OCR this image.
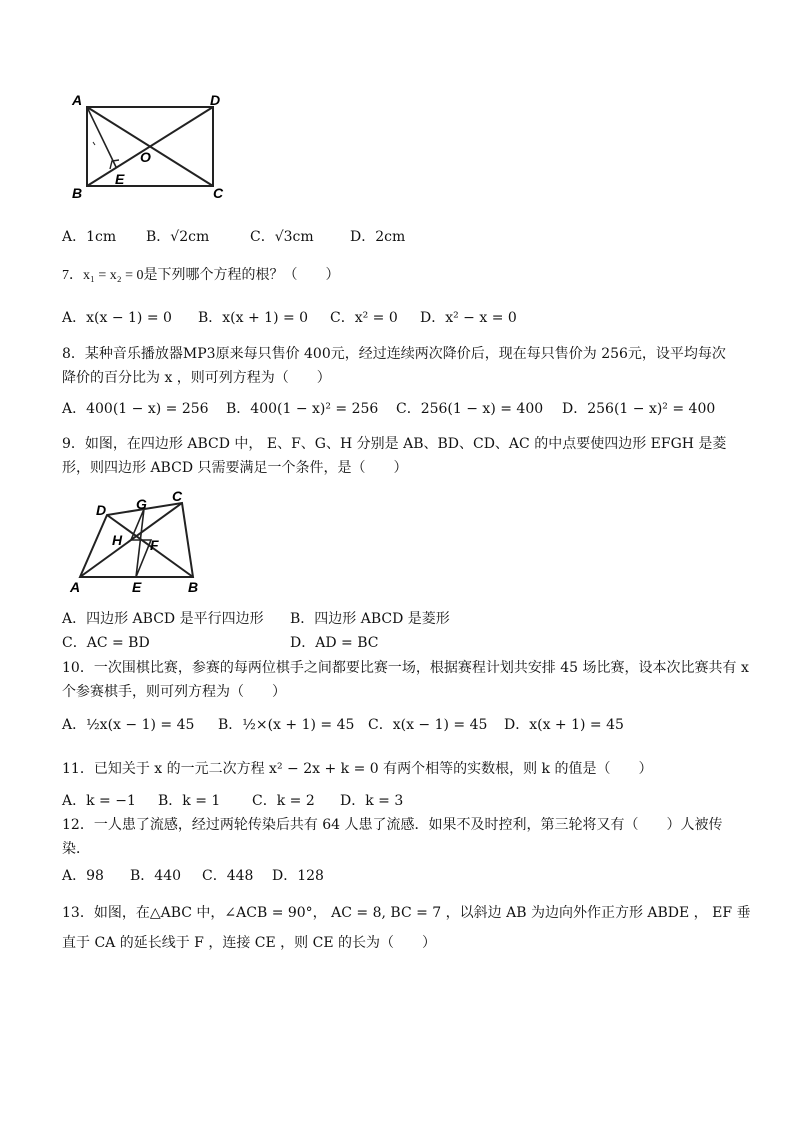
A	D
B	C
O
E
A．1cm B．√2cm	C．√3cm	D．2cm
7．x₁ = x₂ = 0是下列哪个方程的根？（　　）
A．x(x − 1) = 0 B．x(x + 1) = 0 C．x² = 0 D．x² − x = 0
8．某种音乐播放器MP3原来每只售价 400元，经过连续两次降价后，现在每只售价为 256元，设平均每次
降价的百分比为 x ，则可列方程为（　　）
A．400(1 − x) = 256 B．400(1 − x)² = 256 C．256(1 − x) = 400 D．256(1 − x)² = 400
9．如图，在四边形 ABCD 中， E、F、G、H 分别是 AB、BD、CD、AC 的中点要使四边形 EFGH 是菱
形，则四边形 ABCD 只需要满足一个条件，是（　　）
D G C
H F
A	E	B
A．四边形 ABCD 是平行四边形 B．四边形 ABCD 是菱形
C．AC = BD	D．AD = BC
10．一次围棋比赛，参赛的每两位棋手之间都要比赛一场，根据赛程计划共安排 45 场比赛，设本次比赛共有 x
个参赛棋手，则可列方程为（　　）
A．½x(x − 1) = 45 B．½×(x + 1) = 45 C．x(x − 1) = 45 D．x(x + 1) = 45
11．已知关于 x 的一元二次方程 x² − 2x + k = 0 有两个相等的实数根，则 k 的值是（　　）
A．k = −1 B．k = 1 C．k = 2 D．k = 3
12．一人患了流感，经过两轮传染后共有 64 人患了流感．如果不及时控利，第三轮将又有（　　）人被传
染．
A．98 B．440 C．448 D．128
13．如图，在△ABC 中，∠ACB = 90°， AC = 8, BC = 7 ，以斜边 AB 为边向外作正方形 ABDE ， EF 垂
直于 CA 的延长线于 F ，连接 CE ，则 CE 的长为（　　）
